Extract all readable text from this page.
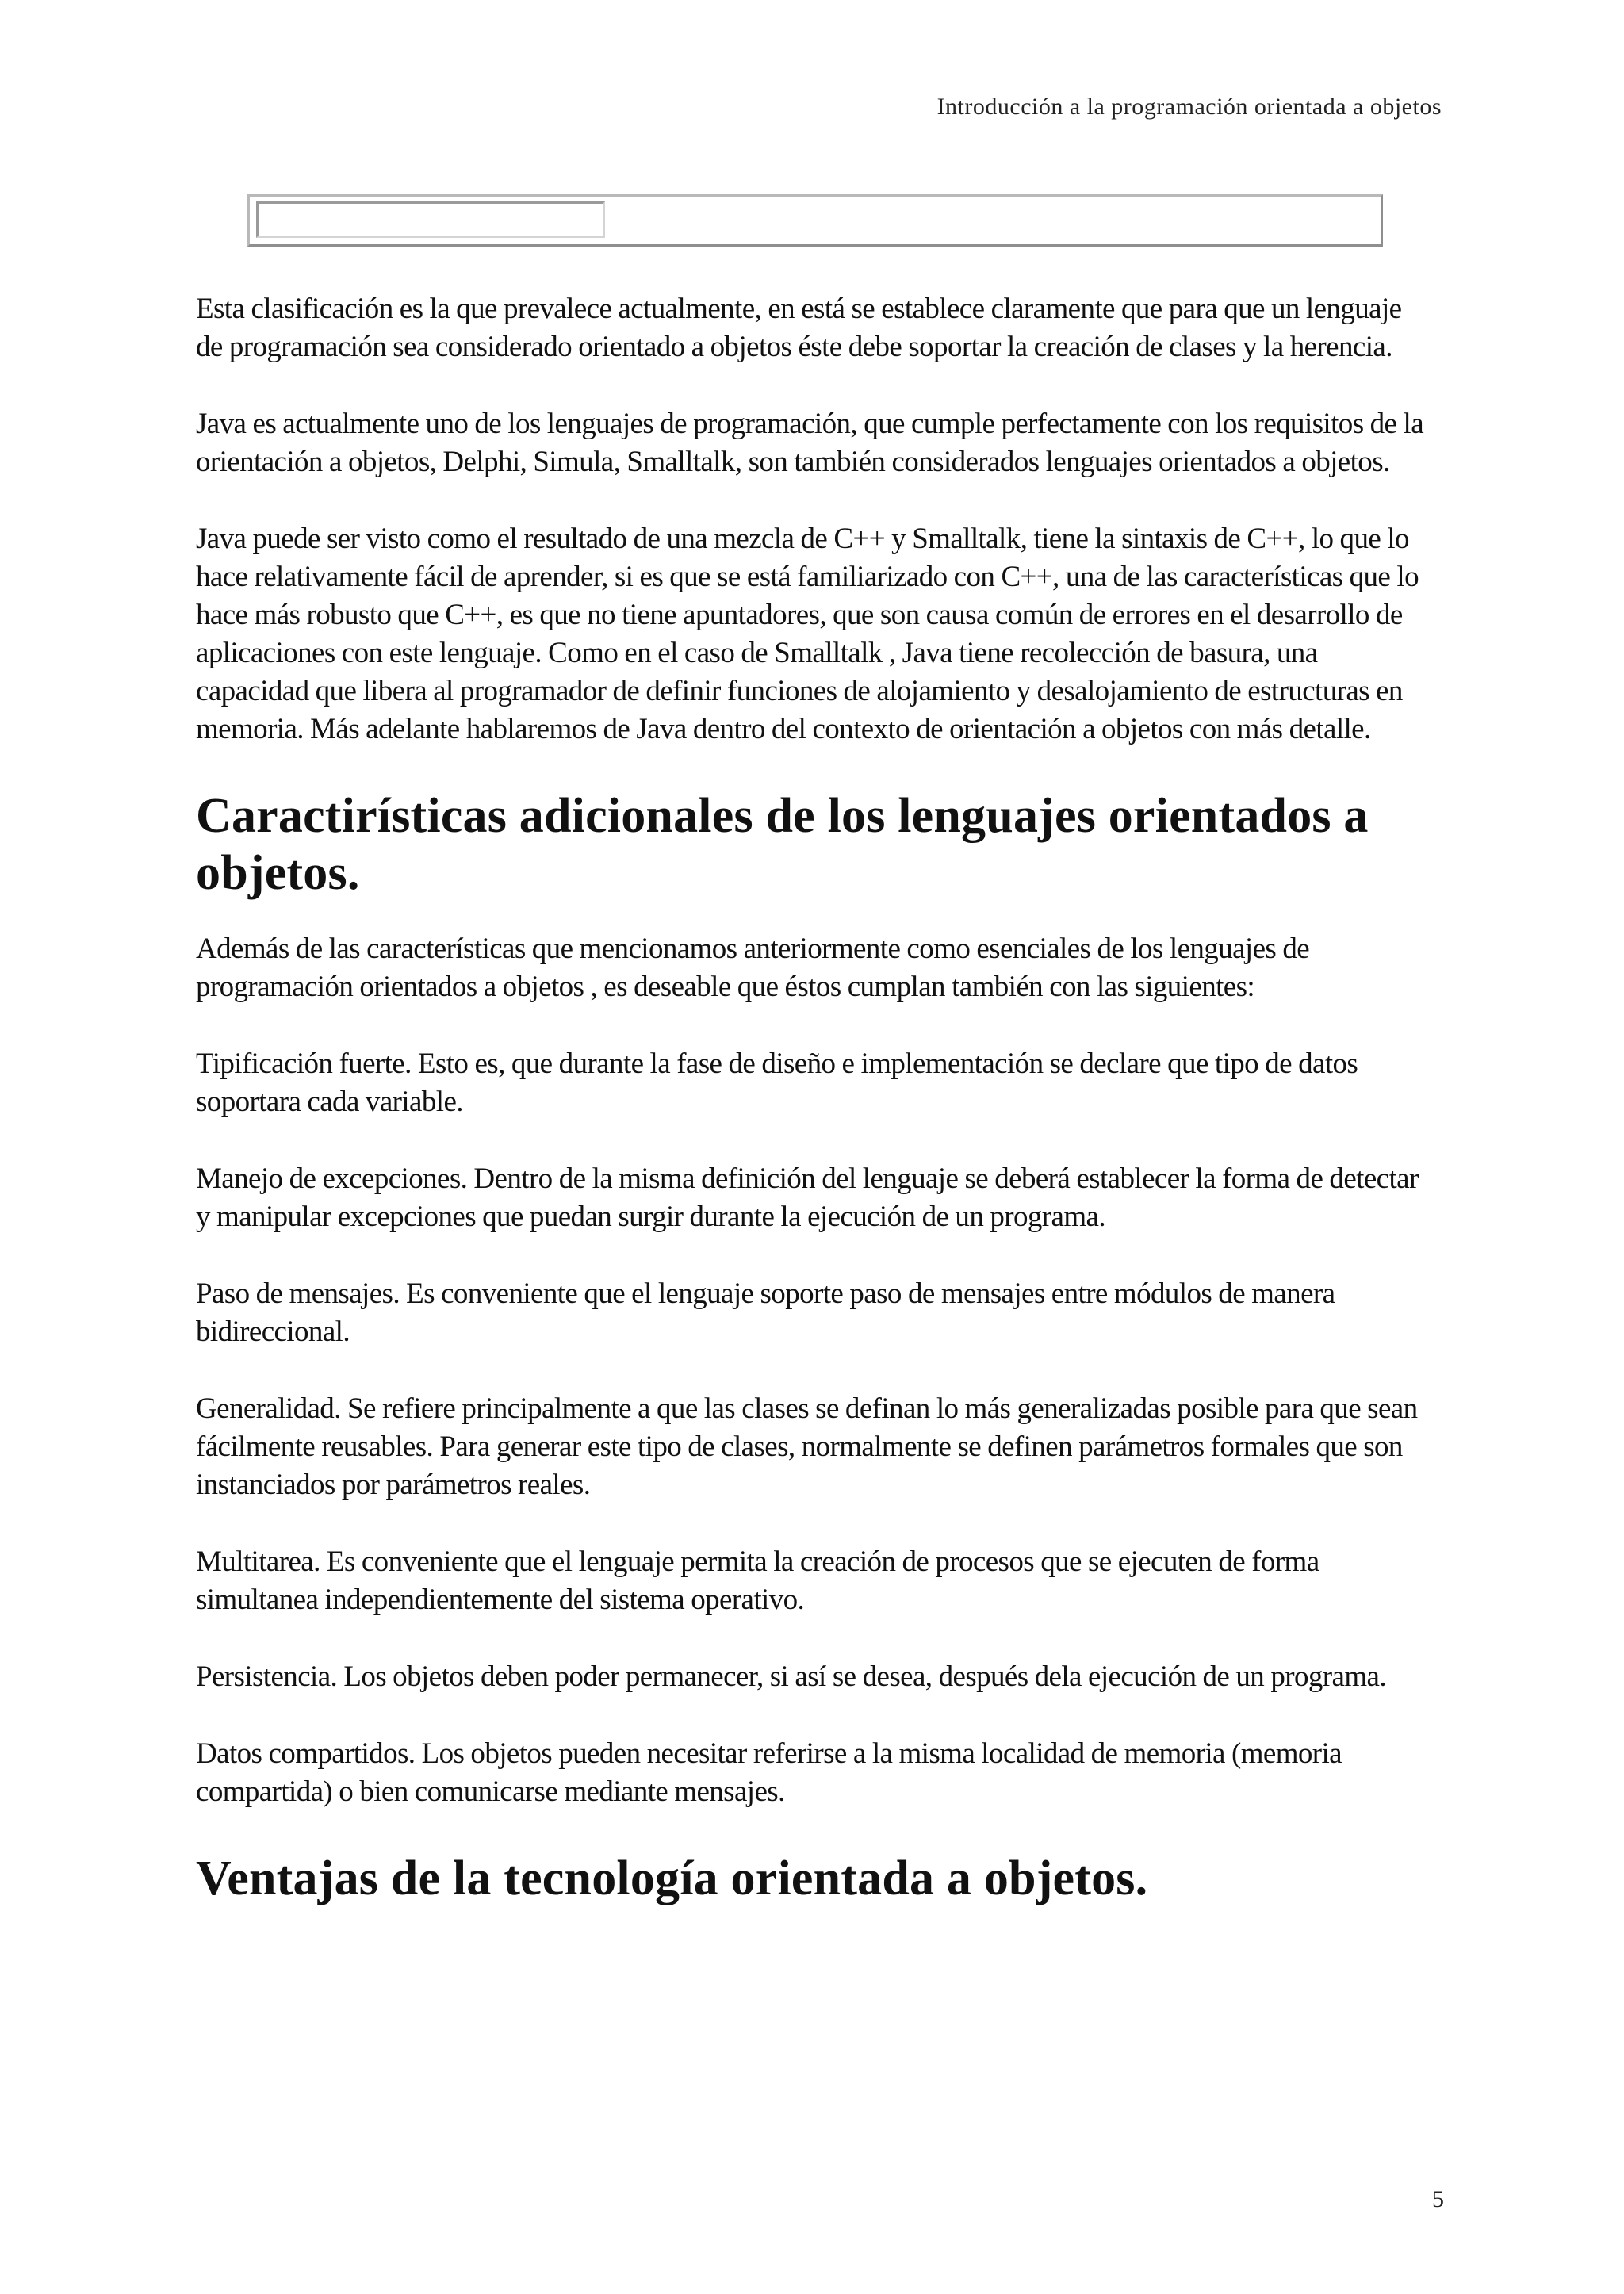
Introducción a la programación orientada a objetos

Esta clasificación es la que prevalece actualmente, en está se establece claramente que para que un lenguaje de programación sea considerado orientado a objetos éste debe soportar la creación de clases y la herencia.

Java es actualmente uno de los lenguajes de programación, que cumple perfectamente con los requisitos de la orientación a objetos, Delphi, Simula, Smalltalk, son también considerados lenguajes orientados a objetos.

Java puede ser visto como el resultado de una mezcla de C++ y Smalltalk, tiene la sintaxis de C++, lo que lo hace relativamente fácil de aprender, si es que se está familiarizado con C++, una de las características que lo hace más robusto que C++, es que no tiene apuntadores, que son causa común de errores en el desarrollo de aplicaciones con este lenguaje. Como en el caso de Smalltalk , Java tiene recolección de basura, una capacidad que libera al programador de definir funciones de alojamiento y desalojamiento de estructuras en memoria. Más adelante hablaremos de Java dentro del contexto de orientación a objetos con más detalle.

Caractirísticas adicionales de los lenguajes orientados a objetos.

Además de las características que mencionamos anteriormente como esenciales de los lenguajes de programación orientados a objetos , es deseable que éstos cumplan también con las siguientes:

Tipificación fuerte. Esto es, que durante la fase de diseño e implementación se declare que tipo de datos soportara cada variable.

Manejo de excepciones. Dentro de la misma definición del lenguaje se deberá establecer la forma de detectar y manipular excepciones que puedan surgir durante la ejecución de un programa.

Paso de mensajes. Es conveniente que el lenguaje soporte paso de mensajes entre módulos de manera bidireccional.

Generalidad. Se refiere principalmente a que las clases se definan lo más generalizadas posible para que sean fácilmente reusables. Para generar este tipo de clases, normalmente se definen parámetros formales que son instanciados por parámetros reales.

Multitarea. Es conveniente que el lenguaje permita la creación de procesos que se ejecuten de forma simultanea independientemente del sistema operativo.

Persistencia. Los objetos deben poder permanecer, si así se desea, después dela ejecución de un programa.

Datos compartidos. Los objetos pueden necesitar referirse a la misma localidad de memoria (memoria compartida) o bien comunicarse mediante mensajes.

Ventajas de la tecnología orientada a objetos.
5
